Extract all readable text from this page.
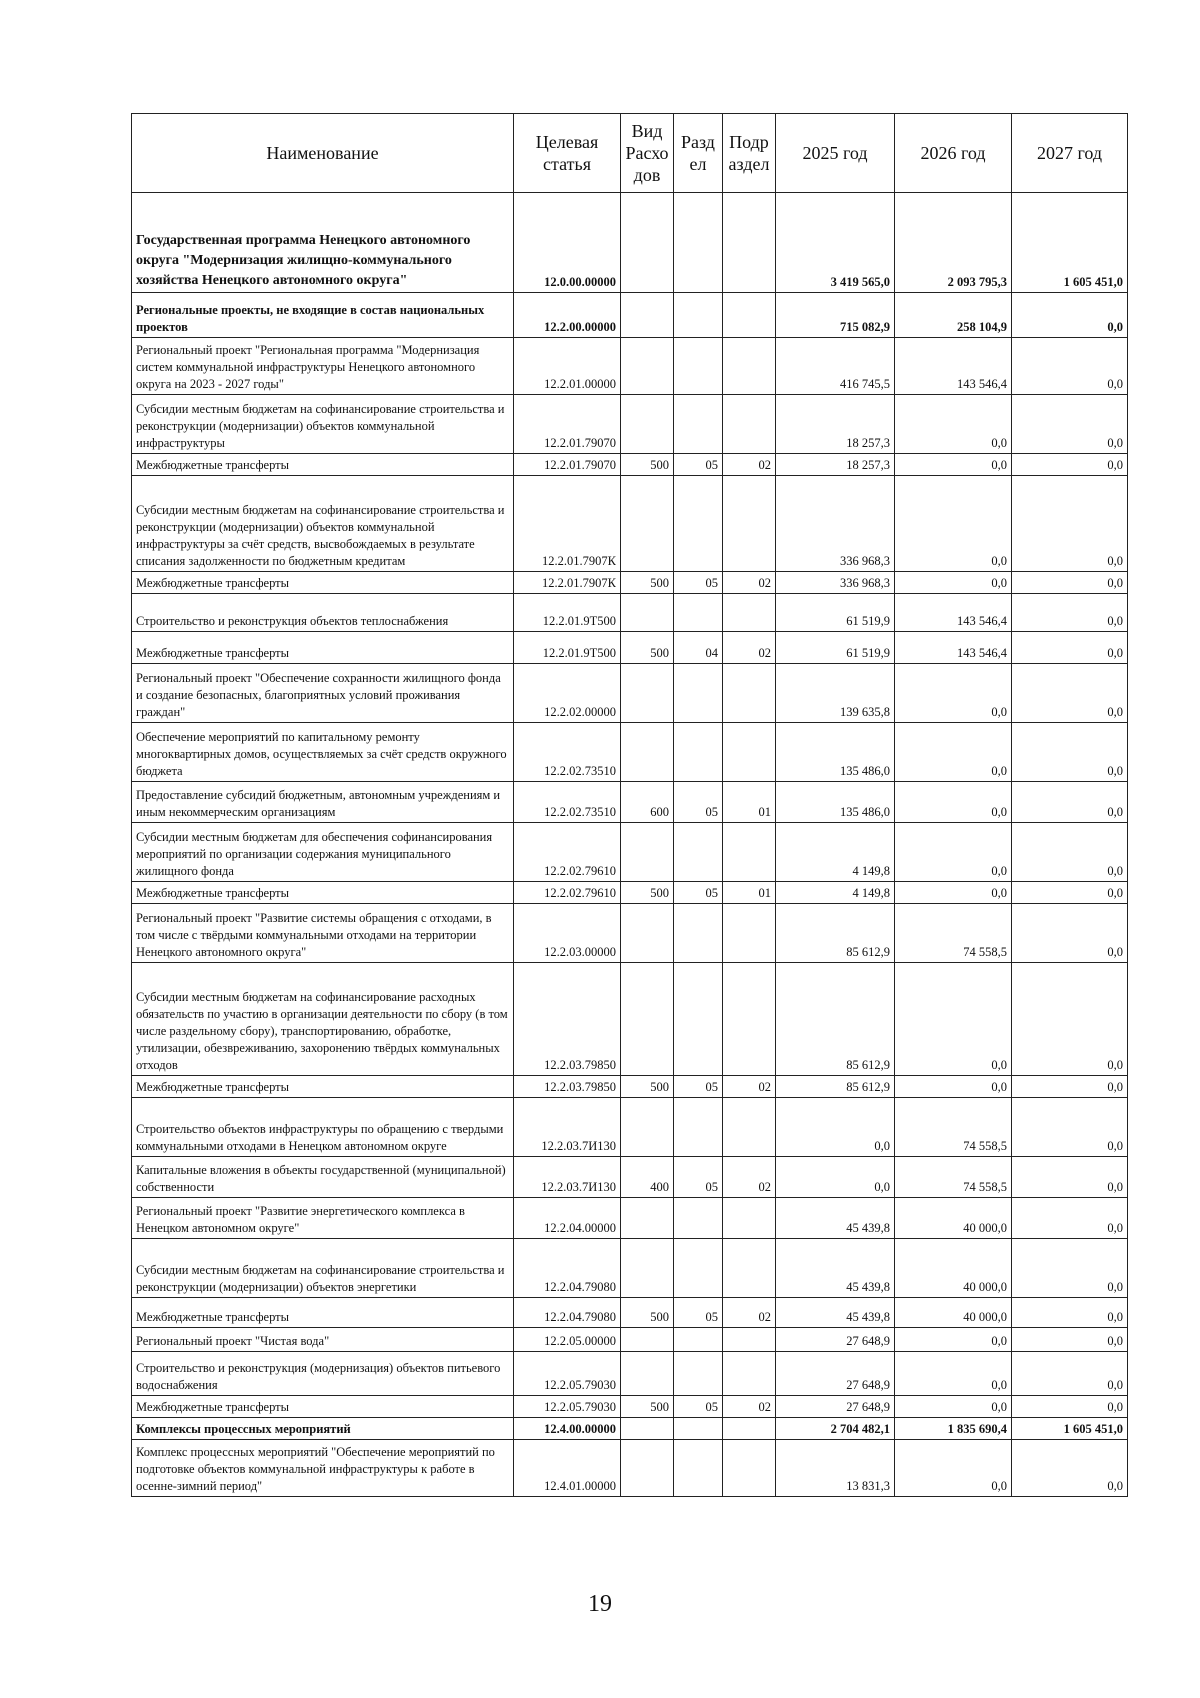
Наименование	Целевая статья	Вид Расхо дов	Разд ел	Подр аздел	2025 год	2026 год	2027 год
Государственная программа Ненецкого автономного округа "Модернизация жилищно-коммунального хозяйства Ненецкого автономного округа"	12.0.00.00000				3 419 565,0	2 093 795,3	1 605 451,0
Региональные проекты, не входящие в состав национальных проектов	12.2.00.00000				715 082,9	258 104,9	0,0
Региональный проект "Региональная программа "Модернизация систем коммунальной инфраструктуры Ненецкого автономного округа на 2023 - 2027 годы"	12.2.01.00000				416 745,5	143 546,4	0,0
Субсидии местным бюджетам на софинансирование строительства и реконструкции (модернизации) объектов коммунальной инфраструктуры	12.2.01.79070				18 257,3	0,0	0,0
Межбюджетные трансферты	12.2.01.79070	500	05	02	18 257,3	0,0	0,0
Субсидии местным бюджетам на софинансирование строительства и реконструкции (модернизации) объектов коммунальной инфраструктуры за счёт средств, высвобождаемых в результате списания задолженности по бюджетным кредитам	12.2.01.7907К				336 968,3	0,0	0,0
Межбюджетные трансферты	12.2.01.7907К	500	05	02	336 968,3	0,0	0,0
Строительство и реконструкция объектов теплоснабжения	12.2.01.9Т500				61 519,9	143 546,4	0,0
Межбюджетные трансферты	12.2.01.9Т500	500	04	02	61 519,9	143 546,4	0,0
Региональный проект "Обеспечение сохранности жилищного фонда и создание безопасных, благоприятных условий проживания граждан"	12.2.02.00000				139 635,8	0,0	0,0
Обеспечение мероприятий по капитальному ремонту многоквартирных домов, осуществляемых за счёт средств окружного бюджета	12.2.02.73510				135 486,0	0,0	0,0
Предоставление субсидий бюджетным, автономным учреждениям и иным некоммерческим организациям	12.2.02.73510	600	05	01	135 486,0	0,0	0,0
Субсидии местным бюджетам для обеспечения софинансирования мероприятий по организации содержания муниципального жилищного фонда	12.2.02.79610				4 149,8	0,0	0,0
Межбюджетные трансферты	12.2.02.79610	500	05	01	4 149,8	0,0	0,0
Региональный проект "Развитие системы обращения с отходами, в том числе с твёрдыми коммунальными отходами на территории Ненецкого автономного округа"	12.2.03.00000				85 612,9	74 558,5	0,0
Субсидии местным бюджетам на софинансирование расходных обязательств по участию в организации деятельности по сбору (в том числе раздельному сбору), транспортированию, обработке, утилизации, обезвреживанию, захоронению твёрдых коммунальных отходов	12.2.03.79850				85 612,9	0,0	0,0
Межбюджетные трансферты	12.2.03.79850	500	05	02	85 612,9	0,0	0,0
Строительство объектов инфраструктуры по обращению с твердыми коммунальными отходами в Ненецком автономном округе	12.2.03.7И130				0,0	74 558,5	0,0
Капитальные вложения в объекты государственной (муниципальной) собственности	12.2.03.7И130	400	05	02	0,0	74 558,5	0,0
Региональный проект "Развитие энергетического комплекса в Ненецком автономном округе"	12.2.04.00000				45 439,8	40 000,0	0,0
Субсидии местным бюджетам на софинансирование строительства и реконструкции (модернизации) объектов энергетики	12.2.04.79080				45 439,8	40 000,0	0,0
Межбюджетные трансферты	12.2.04.79080	500	05	02	45 439,8	40 000,0	0,0
Региональный проект "Чистая вода"	12.2.05.00000				27 648,9	0,0	0,0
Строительство и реконструкция (модернизация) объектов питьевого водоснабжения	12.2.05.79030				27 648,9	0,0	0,0
Межбюджетные трансферты	12.2.05.79030	500	05	02	27 648,9	0,0	0,0
Комплексы процессных мероприятий	12.4.00.00000				2 704 482,1	1 835 690,4	1 605 451,0
Комплекс процессных мероприятий "Обеспечение мероприятий по подготовке объектов коммунальной инфраструктуры к работе в осенне-зимний период"	12.4.01.00000				13 831,3	0,0	0,0
19
